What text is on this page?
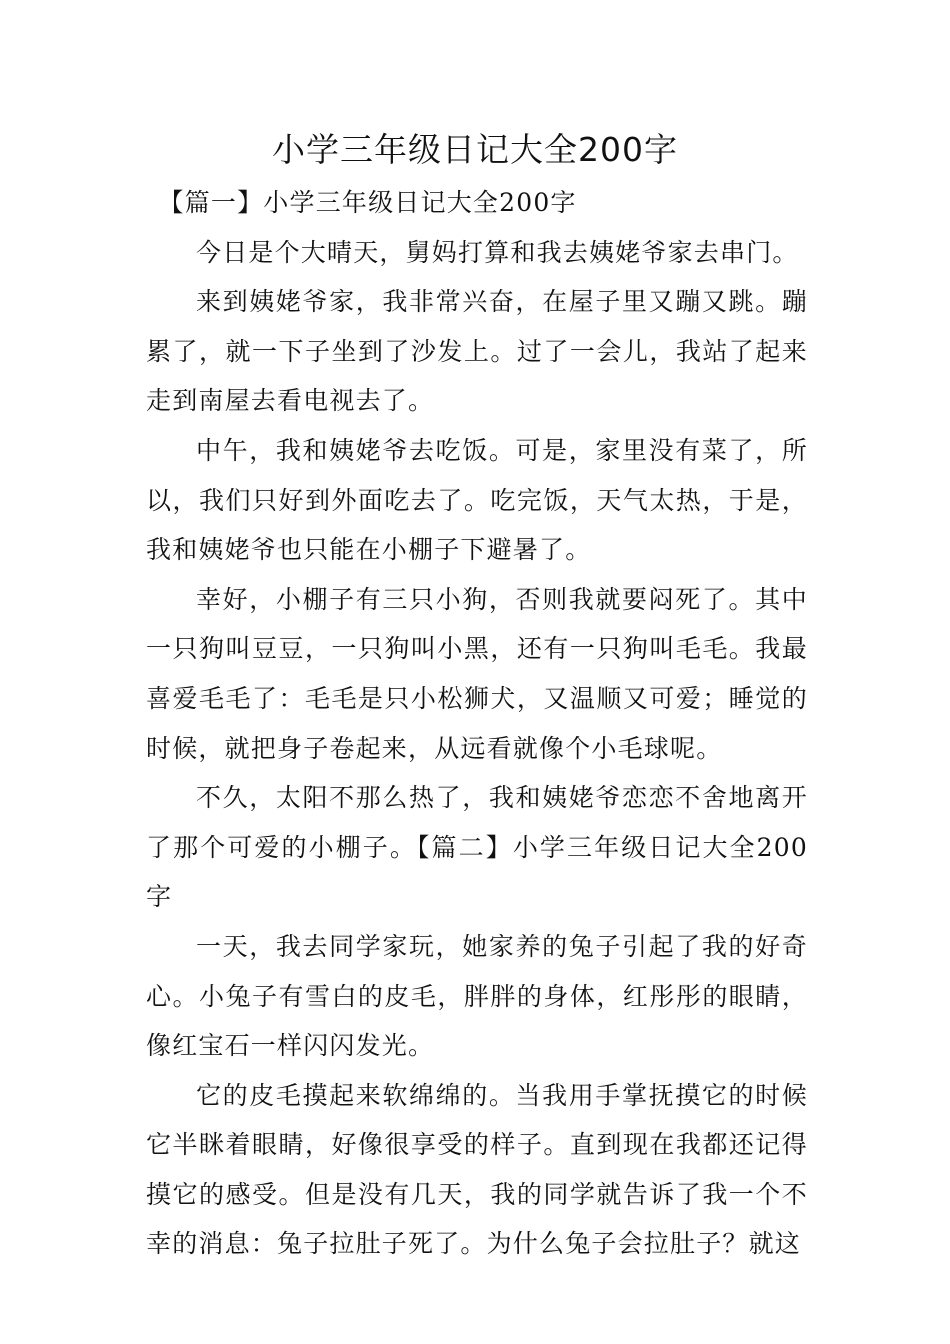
小学三年级日记大全200字

【篇一】小学三年级日记大全200字

今日是个大晴天，舅妈打算和我去姨姥爷家去串门。

来到姨姥爷家，我非常兴奋，在屋子里又蹦又跳。蹦累了，就一下子坐到了沙发上。过了一会儿，我站了起来走到南屋去看电视去了。

中午，我和姨姥爷去吃饭。可是，家里没有菜了，所以，我们只好到外面吃去了。吃完饭，天气太热，于是，我和姨姥爷也只能在小棚子下避暑了。

幸好，小棚子有三只小狗，否则我就要闷死了。其中一只狗叫豆豆，一只狗叫小黑，还有一只狗叫毛毛。我最喜爱毛毛了：毛毛是只小松狮犬，又温顺又可爱；睡觉的时候，就把身子卷起来，从远看就像个小毛球呢。

不久，太阳不那么热了，我和姨姥爷恋恋不舍地离开了那个可爱的小棚子。【篇二】小学三年级日记大全200字

一天，我去同学家玩，她家养的兔子引起了我的好奇心。小兔子有雪白的皮毛，胖胖的身体，红彤彤的眼睛，像红宝石一样闪闪发光。

它的皮毛摸起来软绵绵的。当我用手掌抚摸它的时候它半眯着眼睛，好像很享受的样子。直到现在我都还记得摸它的感受。但是没有几天，我的同学就告诉了我一个不幸的消息：兔子拉肚子死了。为什么兔子会拉肚子？就这
